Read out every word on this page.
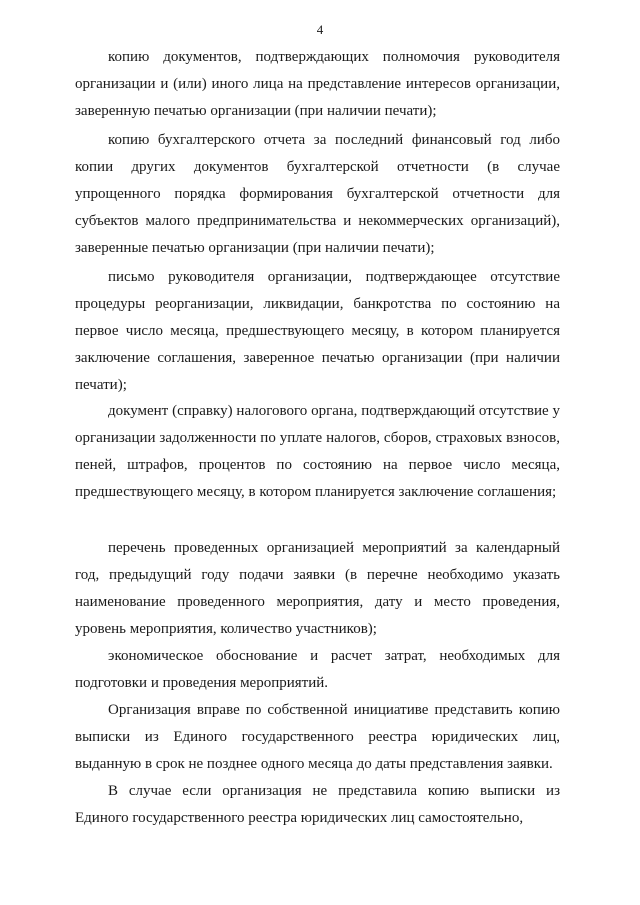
4

копию документов, подтверждающих полномочия руководителя организации и (или) иного лица на представление интересов организации, заверенную печатью организации (при наличии печати);

копию бухгалтерского отчета за последний финансовый год либо копии других документов бухгалтерской отчетности (в случае упрощенного порядка формирования бухгалтерской отчетности для субъектов малого предпринимательства и некоммерческих организаций), заверенные печатью организации (при наличии печати);

письмо руководителя организации, подтверждающее отсутствие процедуры реорганизации, ликвидации, банкротства по состоянию на первое число месяца, предшествующего месяцу, в котором планируется заключение соглашения, заверенное печатью организации (при наличии печати);

документ (справку) налогового органа, подтверждающий отсутствие у организации задолженности по уплате налогов, сборов, страховых взносов, пеней, штрафов, процентов по состоянию на первое число месяца, предшествующего месяцу, в котором планируется заключение соглашения;

перечень проведенных организацией мероприятий за календарный год, предыдущий году подачи заявки (в перечне необходимо указать наименование проведенного мероприятия, дату и место проведения, уровень мероприятия, количество участников);

экономическое обоснование и расчет затрат, необходимых для подготовки и проведения мероприятий.

Организация вправе по собственной инициативе представить копию выписки из Единого государственного реестра юридических лиц, выданную в срок не позднее одного месяца до даты представления заявки.

В случае если организация не представила копию выписки из Единого государственного реестра юридических лиц самостоятельно,
